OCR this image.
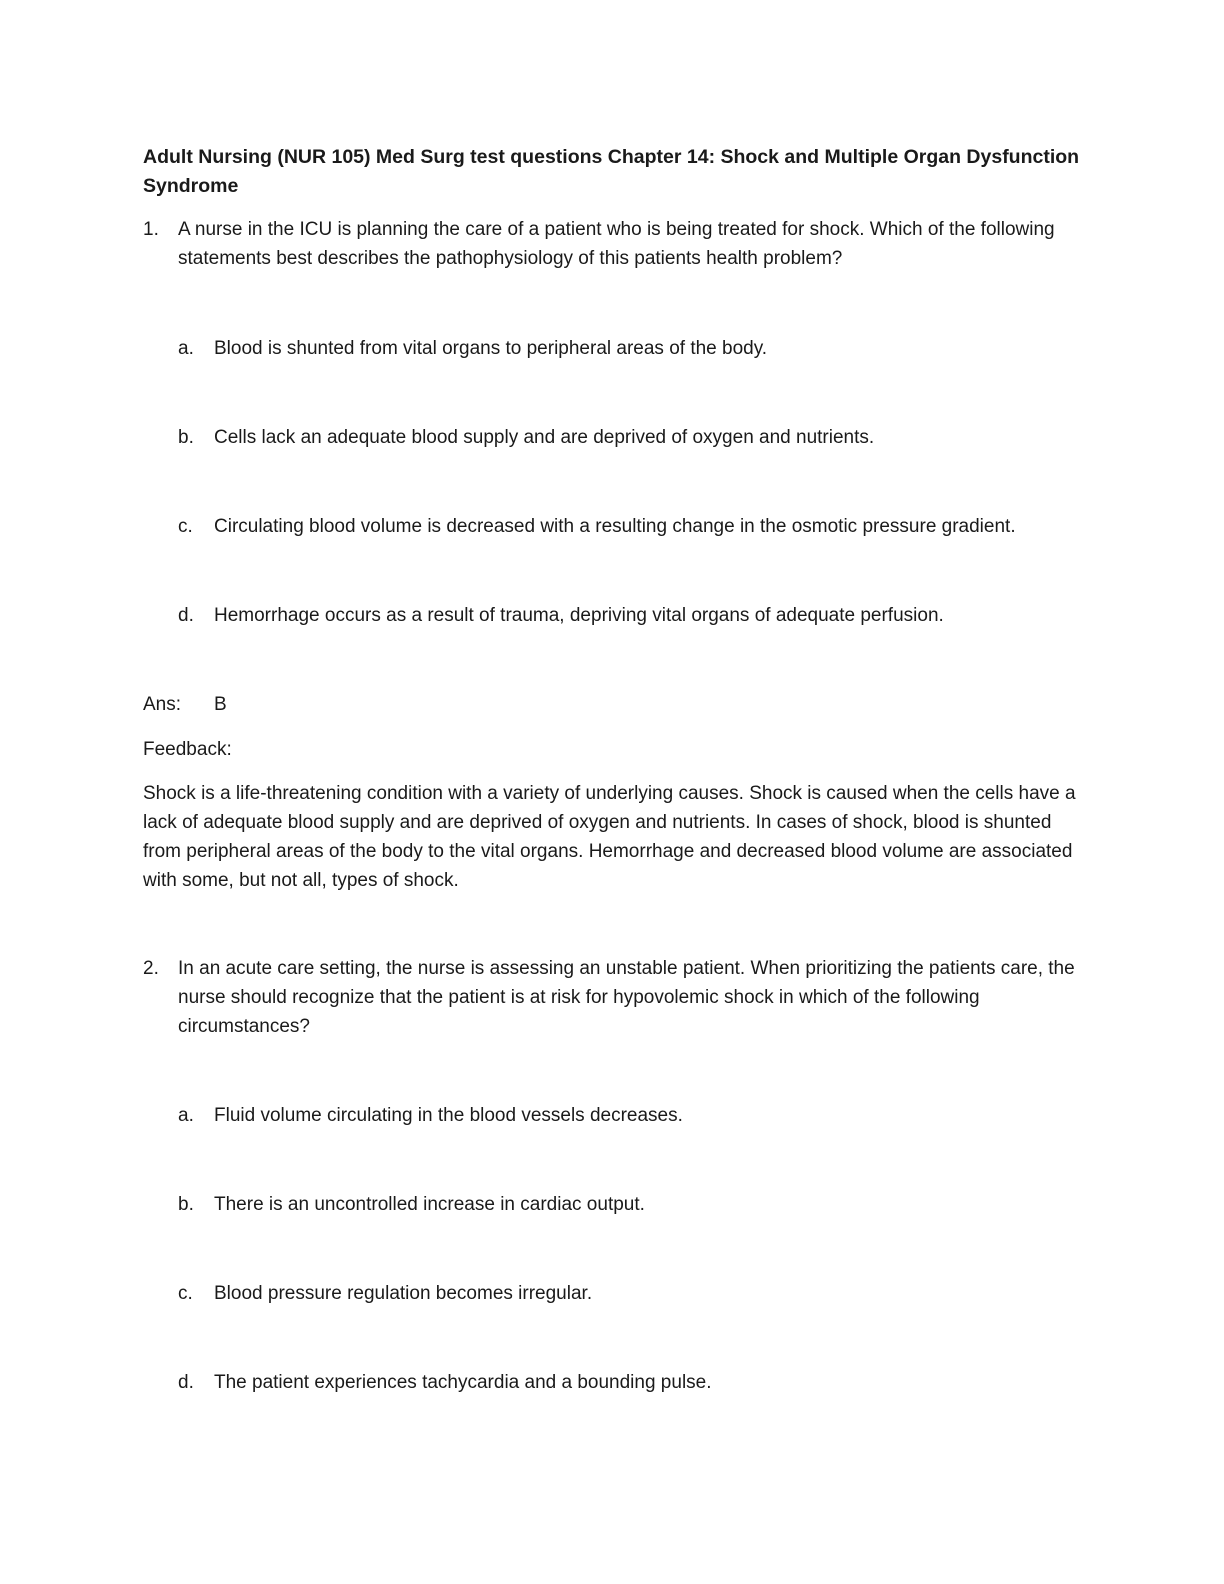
Adult Nursing (NUR 105) Med Surg test questions Chapter 14: Shock and Multiple Organ Dysfunction Syndrome
1. A nurse in the ICU is planning the care of a patient who is being treated for shock. Which of the following statements best describes the pathophysiology of this patients health problem?
a. Blood is shunted from vital organs to peripheral areas of the body.
b. Cells lack an adequate blood supply and are deprived of oxygen and nutrients.
c. Circulating blood volume is decreased with a resulting change in the osmotic pressure gradient.
d. Hemorrhage occurs as a result of trauma, depriving vital organs of adequate perfusion.
Ans: B
Feedback:

Shock is a life-threatening condition with a variety of underlying causes. Shock is caused when the cells have a lack of adequate blood supply and are deprived of oxygen and nutrients. In cases of shock, blood is shunted from peripheral areas of the body to the vital organs. Hemorrhage and decreased blood volume are associated with some, but not all, types of shock.

2. In an acute care setting, the nurse is assessing an unstable patient. When prioritizing the patients care, the nurse should recognize that the patient is at risk for hypovolemic shock in which of the following circumstances?
a. Fluid volume circulating in the blood vessels decreases.
b. There is an uncontrolled increase in cardiac output.
c. Blood pressure regulation becomes irregular.
d. The patient experiences tachycardia and a bounding pulse.
